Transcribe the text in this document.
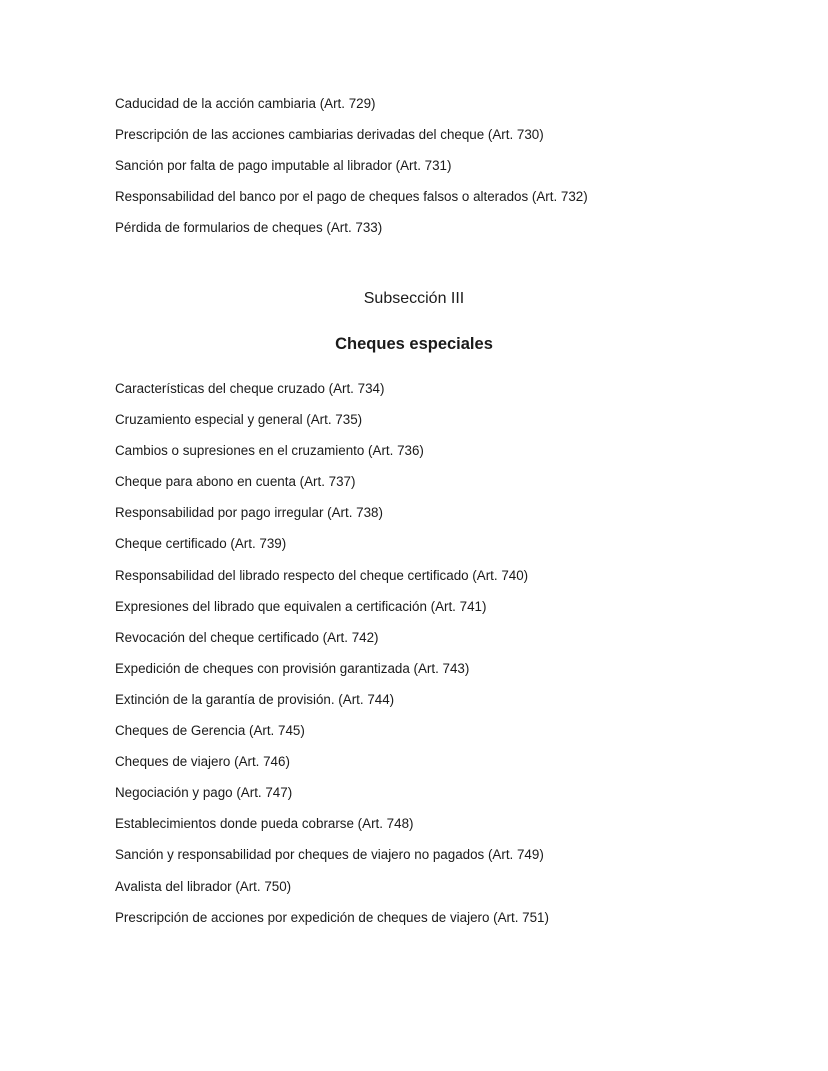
Caducidad de la acción cambiaria (Art. 729)
Prescripción de las acciones cambiarias derivadas del cheque (Art. 730)
Sanción por falta de pago imputable al librador (Art. 731)
Responsabilidad del banco por el pago de cheques falsos o alterados (Art. 732)
Pérdida de formularios de cheques (Art. 733)
Subsección III
Cheques especiales
Características del cheque cruzado (Art. 734)
Cruzamiento especial y general (Art. 735)
Cambios o supresiones en el cruzamiento (Art. 736)
Cheque para abono en cuenta (Art. 737)
Responsabilidad por pago irregular (Art. 738)
Cheque certificado (Art. 739)
Responsabilidad del librado respecto del cheque certificado (Art. 740)
Expresiones del librado que equivalen a certificación (Art. 741)
Revocación del cheque certificado (Art. 742)
Expedición de cheques con provisión garantizada (Art. 743)
Extinción de la garantía de provisión. (Art. 744)
Cheques de Gerencia (Art. 745)
Cheques de viajero (Art. 746)
Negociación y pago (Art. 747)
Establecimientos donde pueda cobrarse (Art. 748)
Sanción y responsabilidad por cheques de viajero no pagados (Art. 749)
Avalista del librador (Art. 750)
Prescripción de acciones por expedición de cheques de viajero (Art. 751)
